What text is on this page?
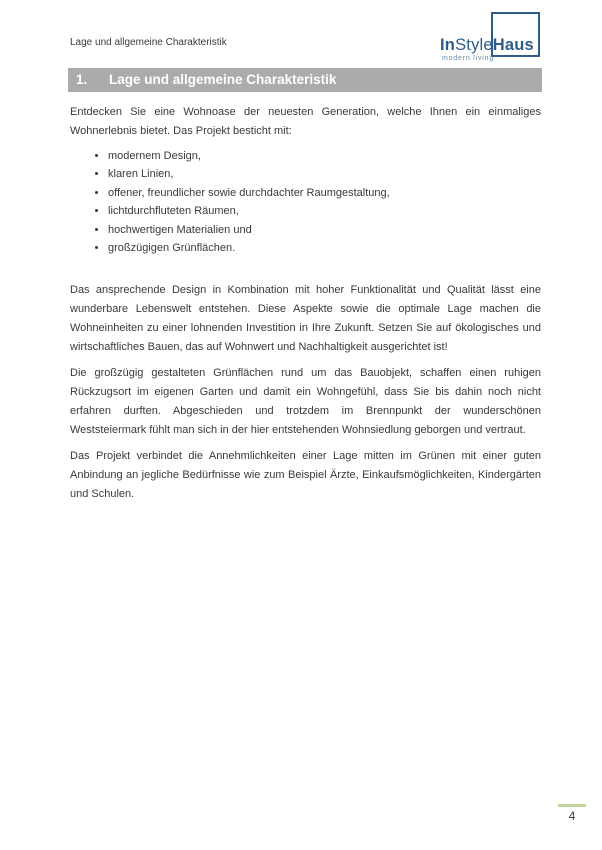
Lage und allgemeine Charakteristik	InStyleHaus
modern living
1. Lage und allgemeine Charakteristik

Entdecken Sie eine Wohnoase der neuesten Generation, welche Ihnen ein einmaliges Wohnerlebnis bietet. Das Projekt besticht mit:

• modernem Design,
• klaren Linien,
• offener, freundlicher sowie durchdachter Raumgestaltung,
• lichtdurchfluteten Räumen,
• hochwertigen Materialien und
• großzügigen Grünflächen.

Das ansprechende Design in Kombination mit hoher Funktionalität und Qualität lässt eine wunderbare Lebenswelt entstehen. Diese Aspekte sowie die optimale Lage machen die Wohneinheiten zu einer lohnenden Investition in Ihre Zukunft. Setzen Sie auf ökologisches und wirtschaftliches Bauen, das auf Wohnwert und Nachhaltigkeit ausgerichtet ist!

Die großzügig gestalteten Grünflächen rund um das Bauobjekt, schaffen einen ruhigen Rückzugsort im eigenen Garten und damit ein Wohngefühl, dass Sie bis dahin noch nicht erfahren durften. Abgeschieden und trotzdem im Brennpunkt der wunderschönen Weststeiermark fühlt man sich in der hier entstehenden Wohnsiedlung geborgen und vertraut.

Das Projekt verbindet die Annehmlichkeiten einer Lage mitten im Grünen mit einer guten Anbindung an jegliche Bedürfnisse wie zum Beispiel Ärzte, Einkaufsmöglichkeiten, Kindergärten und Schulen.

4
